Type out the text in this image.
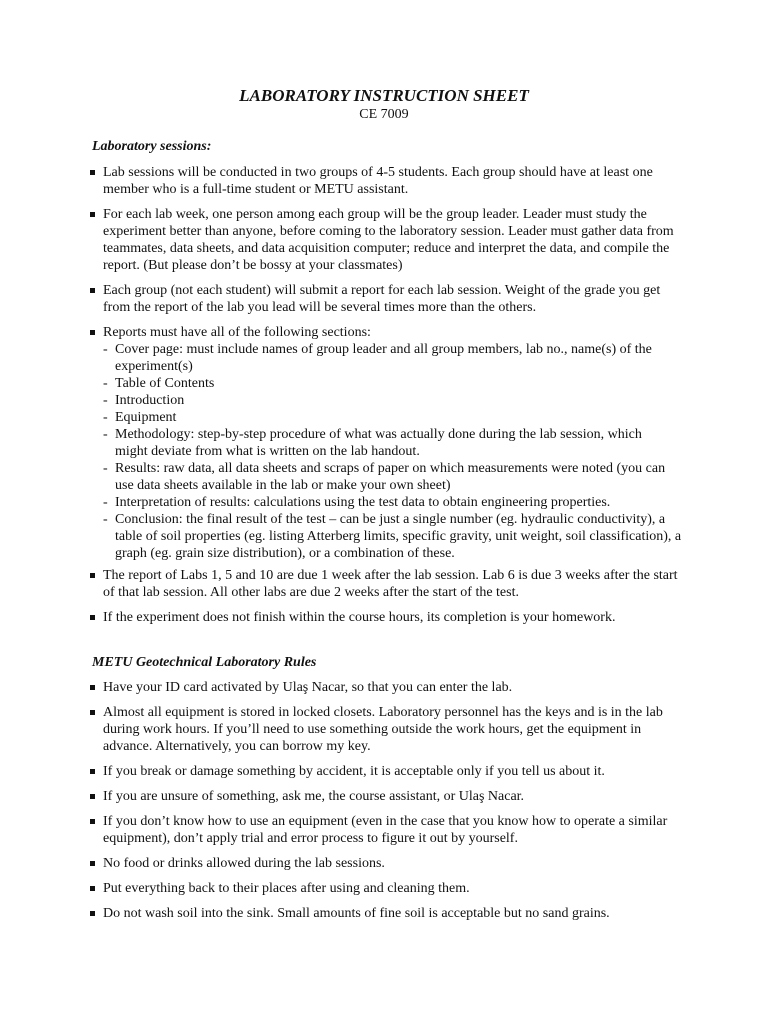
LABORATORY INSTRUCTION SHEET
CE 7009
Laboratory sessions:
Lab sessions will be conducted in two groups of 4-5 students. Each group should have at least one member who is a full-time student or METU assistant.
For each lab week, one person among each group will be the group leader. Leader must study the experiment better than anyone, before coming to the laboratory session. Leader must gather data from teammates, data sheets, and data acquisition computer; reduce and interpret the data, and compile the report. (But please don’t be bossy at your classmates)
Each group (not each student) will submit a report for each lab session. Weight of the grade you get from the report of the lab you lead will be several times more than the others.
Reports must have all of the following sections:
- Cover page: must include names of group leader and all group members, lab no., name(s) of the experiment(s)
- Table of Contents
- Introduction
- Equipment
- Methodology: step-by-step procedure of what was actually done during the lab session, which might deviate from what is written on the lab handout.
- Results: raw data, all data sheets and scraps of paper on which measurements were noted (you can use data sheets available in the lab or make your own sheet)
- Interpretation of results: calculations using the test data to obtain engineering properties.
- Conclusion: the final result of the test – can be just a single number (eg. hydraulic conductivity), a table of soil properties (eg. listing Atterberg limits, specific gravity, unit weight, soil classification), a graph (eg. grain size distribution), or a combination of these.
The report of Labs 1, 5 and 10 are due 1 week after the lab session. Lab 6 is due 3 weeks after the start of that lab session. All other labs are due 2 weeks after the start of the test.
If the experiment does not finish within the course hours, its completion is your homework.
METU Geotechnical Laboratory Rules
Have your ID card activated by Ulaş Nacar, so that you can enter the lab.
Almost all equipment is stored in locked closets. Laboratory personnel has the keys and is in the lab during work hours. If you’ll need to use something outside the work hours, get the equipment in advance. Alternatively, you can borrow my key.
If you break or damage something by accident, it is acceptable only if you tell us about it.
If you are unsure of something, ask me, the course assistant, or Ulaş Nacar.
If you don’t know how to use an equipment (even in the case that you know how to operate a similar equipment), don’t apply trial and error process to figure it out by yourself.
No food or drinks allowed during the lab sessions.
Put everything back to their places after using and cleaning them.
Do not wash soil into the sink. Small amounts of fine soil is acceptable but no sand grains.
